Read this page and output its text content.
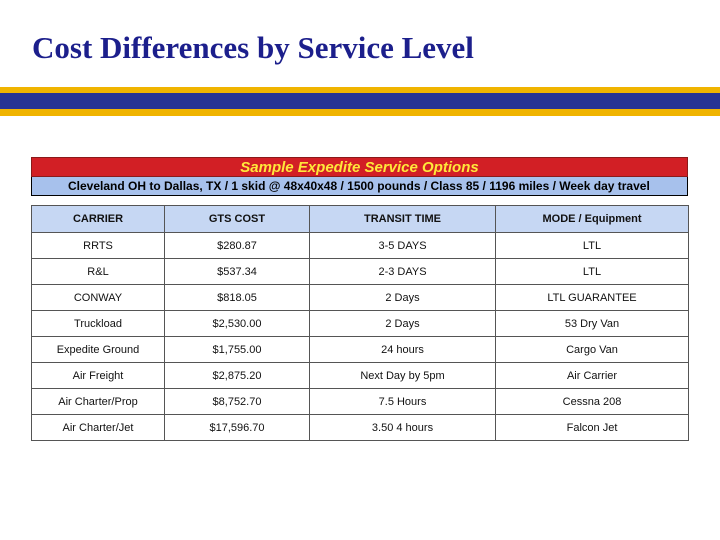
Cost Differences by Service Level
Sample Expedite Service Options
Cleveland OH to Dallas, TX / 1 skid @ 48x40x48 / 1500 pounds / Class 85 / 1196 miles / Week day travel
CARRIER	GTS COST	TRANSIT TIME	MODE / Equipment
RRTS	$280.87	3-5 DAYS	LTL
R&L	$537.34	2-3 DAYS	LTL
CONWAY	$818.05	2 Days	LTL GUARANTEE
Truckload	$2,530.00	2 Days	53 Dry Van
Expedite Ground	$1,755.00	24 hours	Cargo Van
Air Freight	$2,875.20	Next Day by 5pm	Air Carrier
Air Charter/Prop	$8,752.70	7.5 Hours	Cessna 208
Air Charter/Jet	$17,596.70	3.50 4 hours	Falcon Jet
